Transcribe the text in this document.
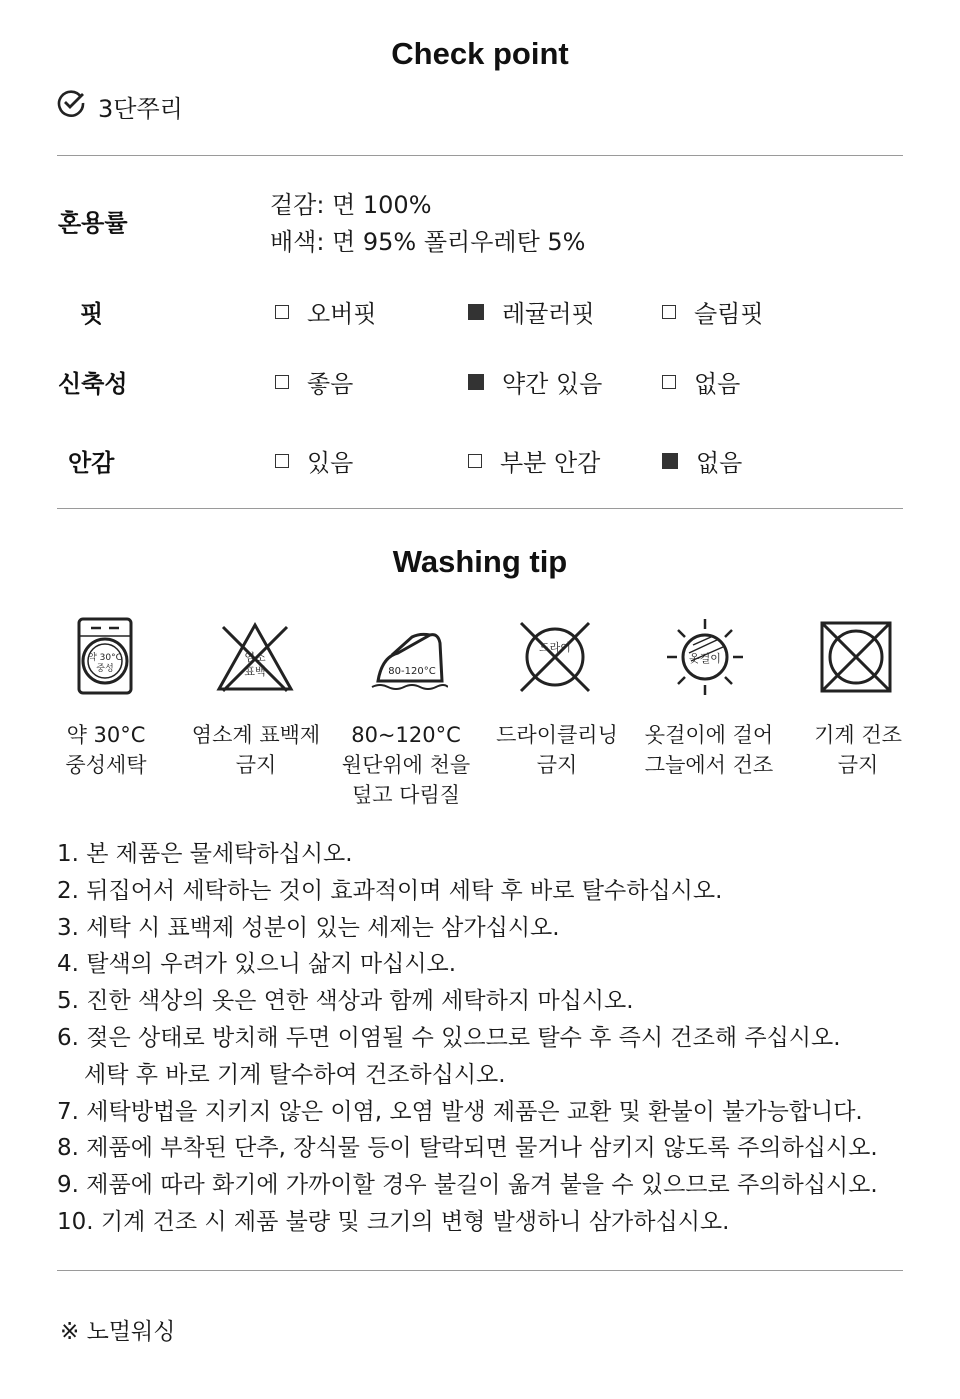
Check point
3단쭈리
혼용률
겉감: 면 100%
배색: 면 95% 폴리우레탄 5%
핏	오버핏	레귤러핏	슬림핏
신축성	좋음	약간 있음	없음
안감	있음	부분 안감	없음
Washing tip
약 30°C
중성
염소
표백	80-120°C
드라이
옷걸이
약 30°C
중성세탁
염소계 표백제
금지
80~120°C
원단위에 천을
덮고 다림질
드라이클리닝
금지
옷걸이에 걸어
그늘에서 건조
기계 건조
금지
1. 본 제품은 물세탁하십시오.
2. 뒤집어서 세탁하는 것이 효과적이며 세탁 후 바로 탈수하십시오.
3. 세탁 시 표백제 성분이 있는 세제는 삼가십시오.
4. 탈색의 우려가 있으니 삶지 마십시오.
5. 진한 색상의 옷은 연한 색상과 함께 세탁하지 마십시오.
6. 젖은 상태로 방치해 두면 이염될 수 있으므로 탈수 후 즉시 건조해 주십시오.
세탁 후 바로 기계 탈수하여 건조하십시오.
7. 세탁방법을 지키지 않은 이염, 오염 발생 제품은 교환 및 환불이 불가능합니다.
8. 제품에 부착된 단추, 장식물 등이 탈락되면 물거나 삼키지 않도록 주의하십시오.
9. 제품에 따라 화기에 가까이할 경우 불길이 옮겨 붙을 수 있으므로 주의하십시오.
10. 기계 건조 시 제품 불량 및 크기의 변형 발생하니 삼가하십시오.
※ 노멀워싱
